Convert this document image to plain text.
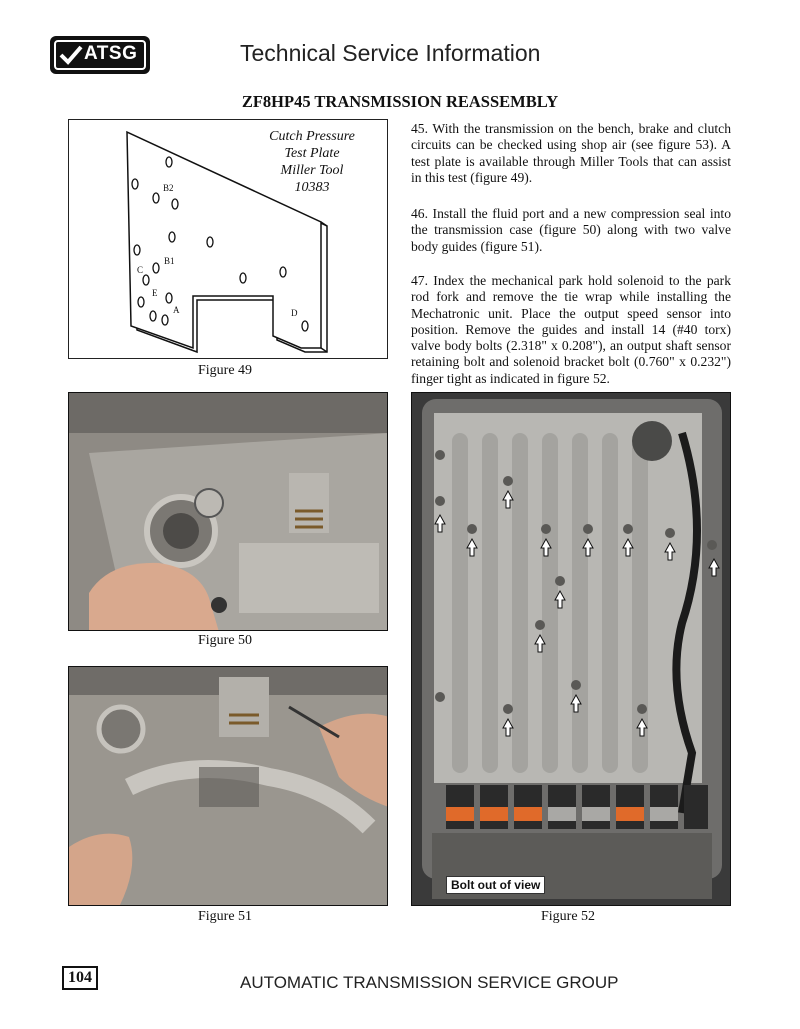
ATSG	Technical Service Information
ZF8HP45 TRANSMISSION REASSEMBLY
Cutch Pressure
Test Plate
Miller Tool
10383
B2
B1
C
E
A	D
Figure 49
45. With the transmission on the bench, brake and clutch circuits can be checked using shop air (see figure 53). A test plate is available through Miller Tools that can assist in this test (figure 49).
46. Install the fluid port and a new compression seal into the transmission case (figure 50) along with two valve body guides (figure 51).
47. Index the mechanical park hold solenoid to the park rod fork and remove the tie wrap while installing the Mechatronic unit. Place the output speed sensor into position. Remove the guides and install 14 (#40 torx) valve body bolts (2.318" x 0.208"), an output shaft sensor retaining bolt and solenoid bracket bolt (0.760" x 0.232") finger tight as indicated in figure 52.
Figure 50
Figure 51
Bolt out of view
Figure 52
104	AUTOMATIC TRANSMISSION SERVICE GROUP
